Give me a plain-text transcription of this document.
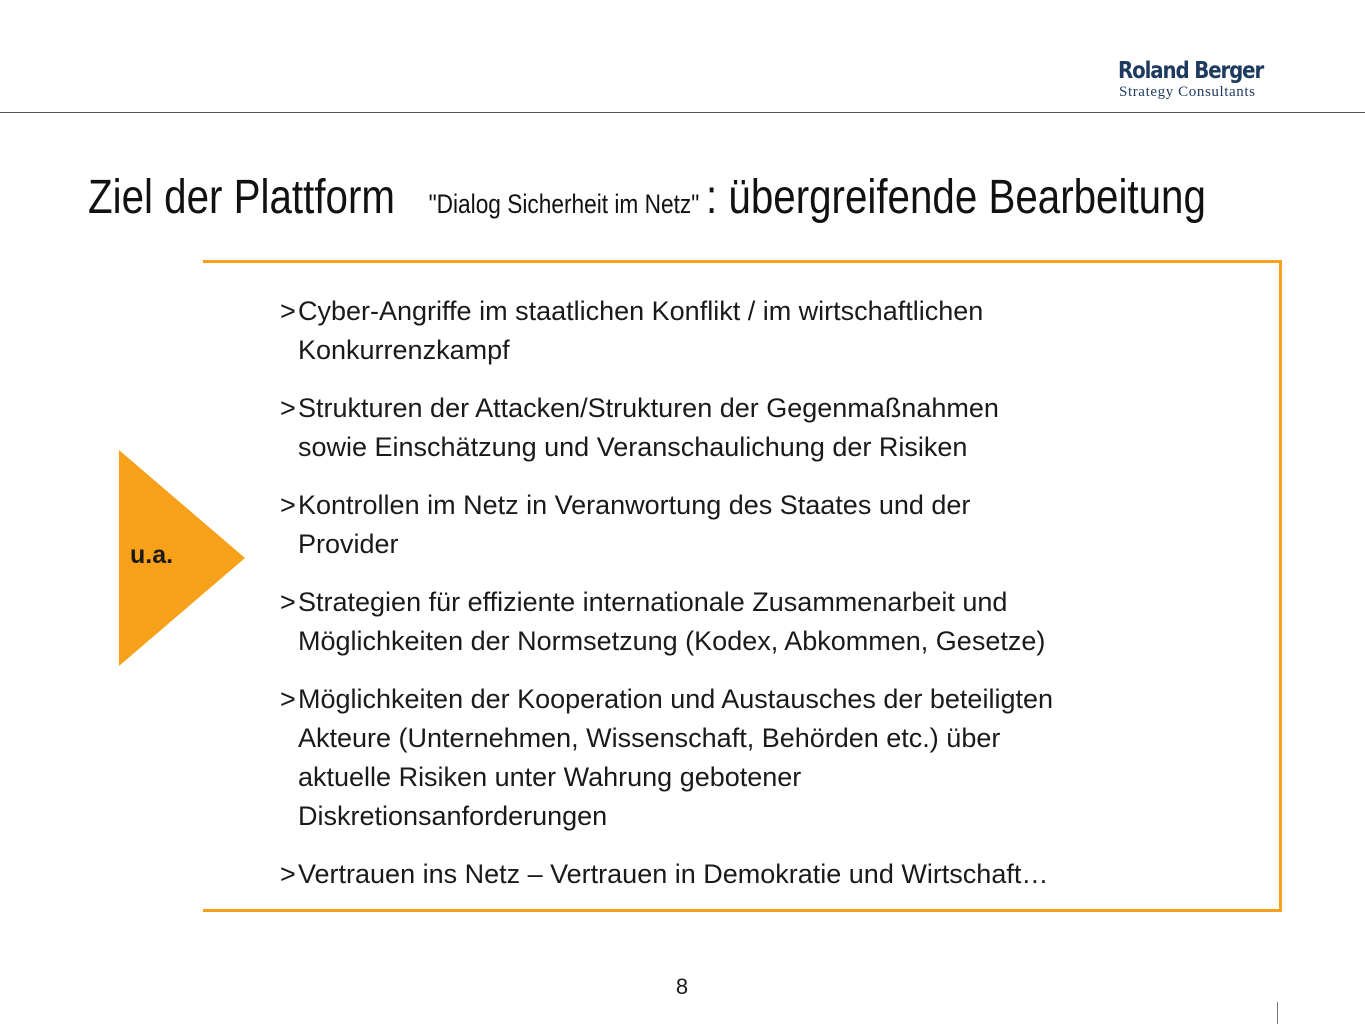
Roland Berger
Strategy Consultants
Ziel der Plattform "Dialog Sicherheit im Netz" : übergreifende Bearbeitung
u.a.
> Cyber-Angriffe im staatlichen Konflikt / im wirtschaftlichen
Konkurrenzkampf
> Strukturen der Attacken/Strukturen der Gegenmaßnahmen
sowie Einschätzung und Veranschaulichung der Risiken
> Kontrollen im Netz in Veranwortung des Staates und der
Provider
> Strategien für effiziente internationale Zusammenarbeit und
Möglichkeiten der Normsetzung (Kodex, Abkommen, Gesetze)
> Möglichkeiten der Kooperation und Austausches der beteiligten
Akteure (Unternehmen, Wissenschaft, Behörden etc.) über
aktuelle Risiken unter Wahrung gebotener
Diskretionsanforderungen
> Vertrauen ins Netz – Vertrauen in Demokratie und Wirtschaft…
8
